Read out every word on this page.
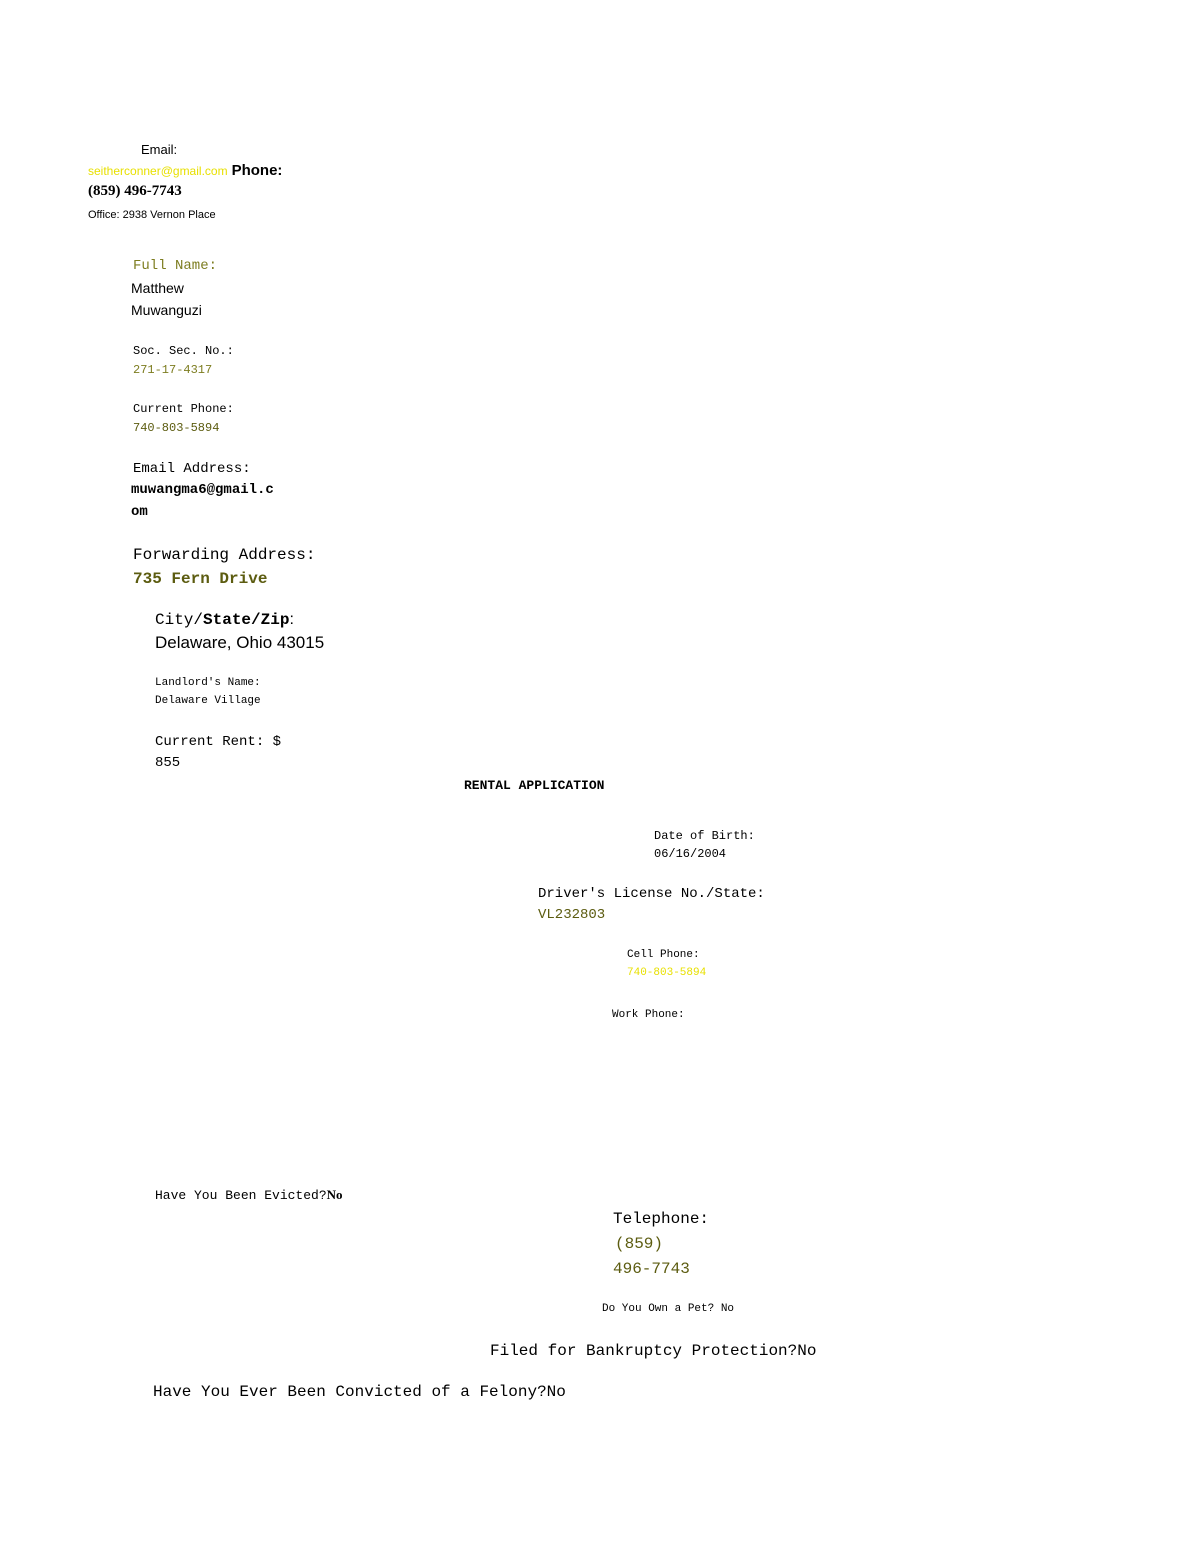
Email:
seitherconner@gmail.com Phone:
(859) 496-7743
Office: 2938 Vernon Place
Full Name:
Matthew
Muwanguzi
Soc. Sec. No.:
271-17-4317
Current Phone:
740-803-5894
Email Address:
muwangma6@gmail.c
om
Forwarding Address:
735 Fern Drive
City/State/Zip:
Delaware, Ohio 43015
Landlord's Name:
Delaware Village
Current Rent: $
855
RENTAL APPLICATION
Date of Birth:
06/16/2004
Driver's License No./State:
VL232803
Cell Phone:
740-803-5894
Work Phone:
Have You Been Evicted?No
Telephone:
(859)
496-7743
Do You Own a Pet? No
Filed for Bankruptcy Protection?No
Have You Ever Been Convicted of a Felony?No
